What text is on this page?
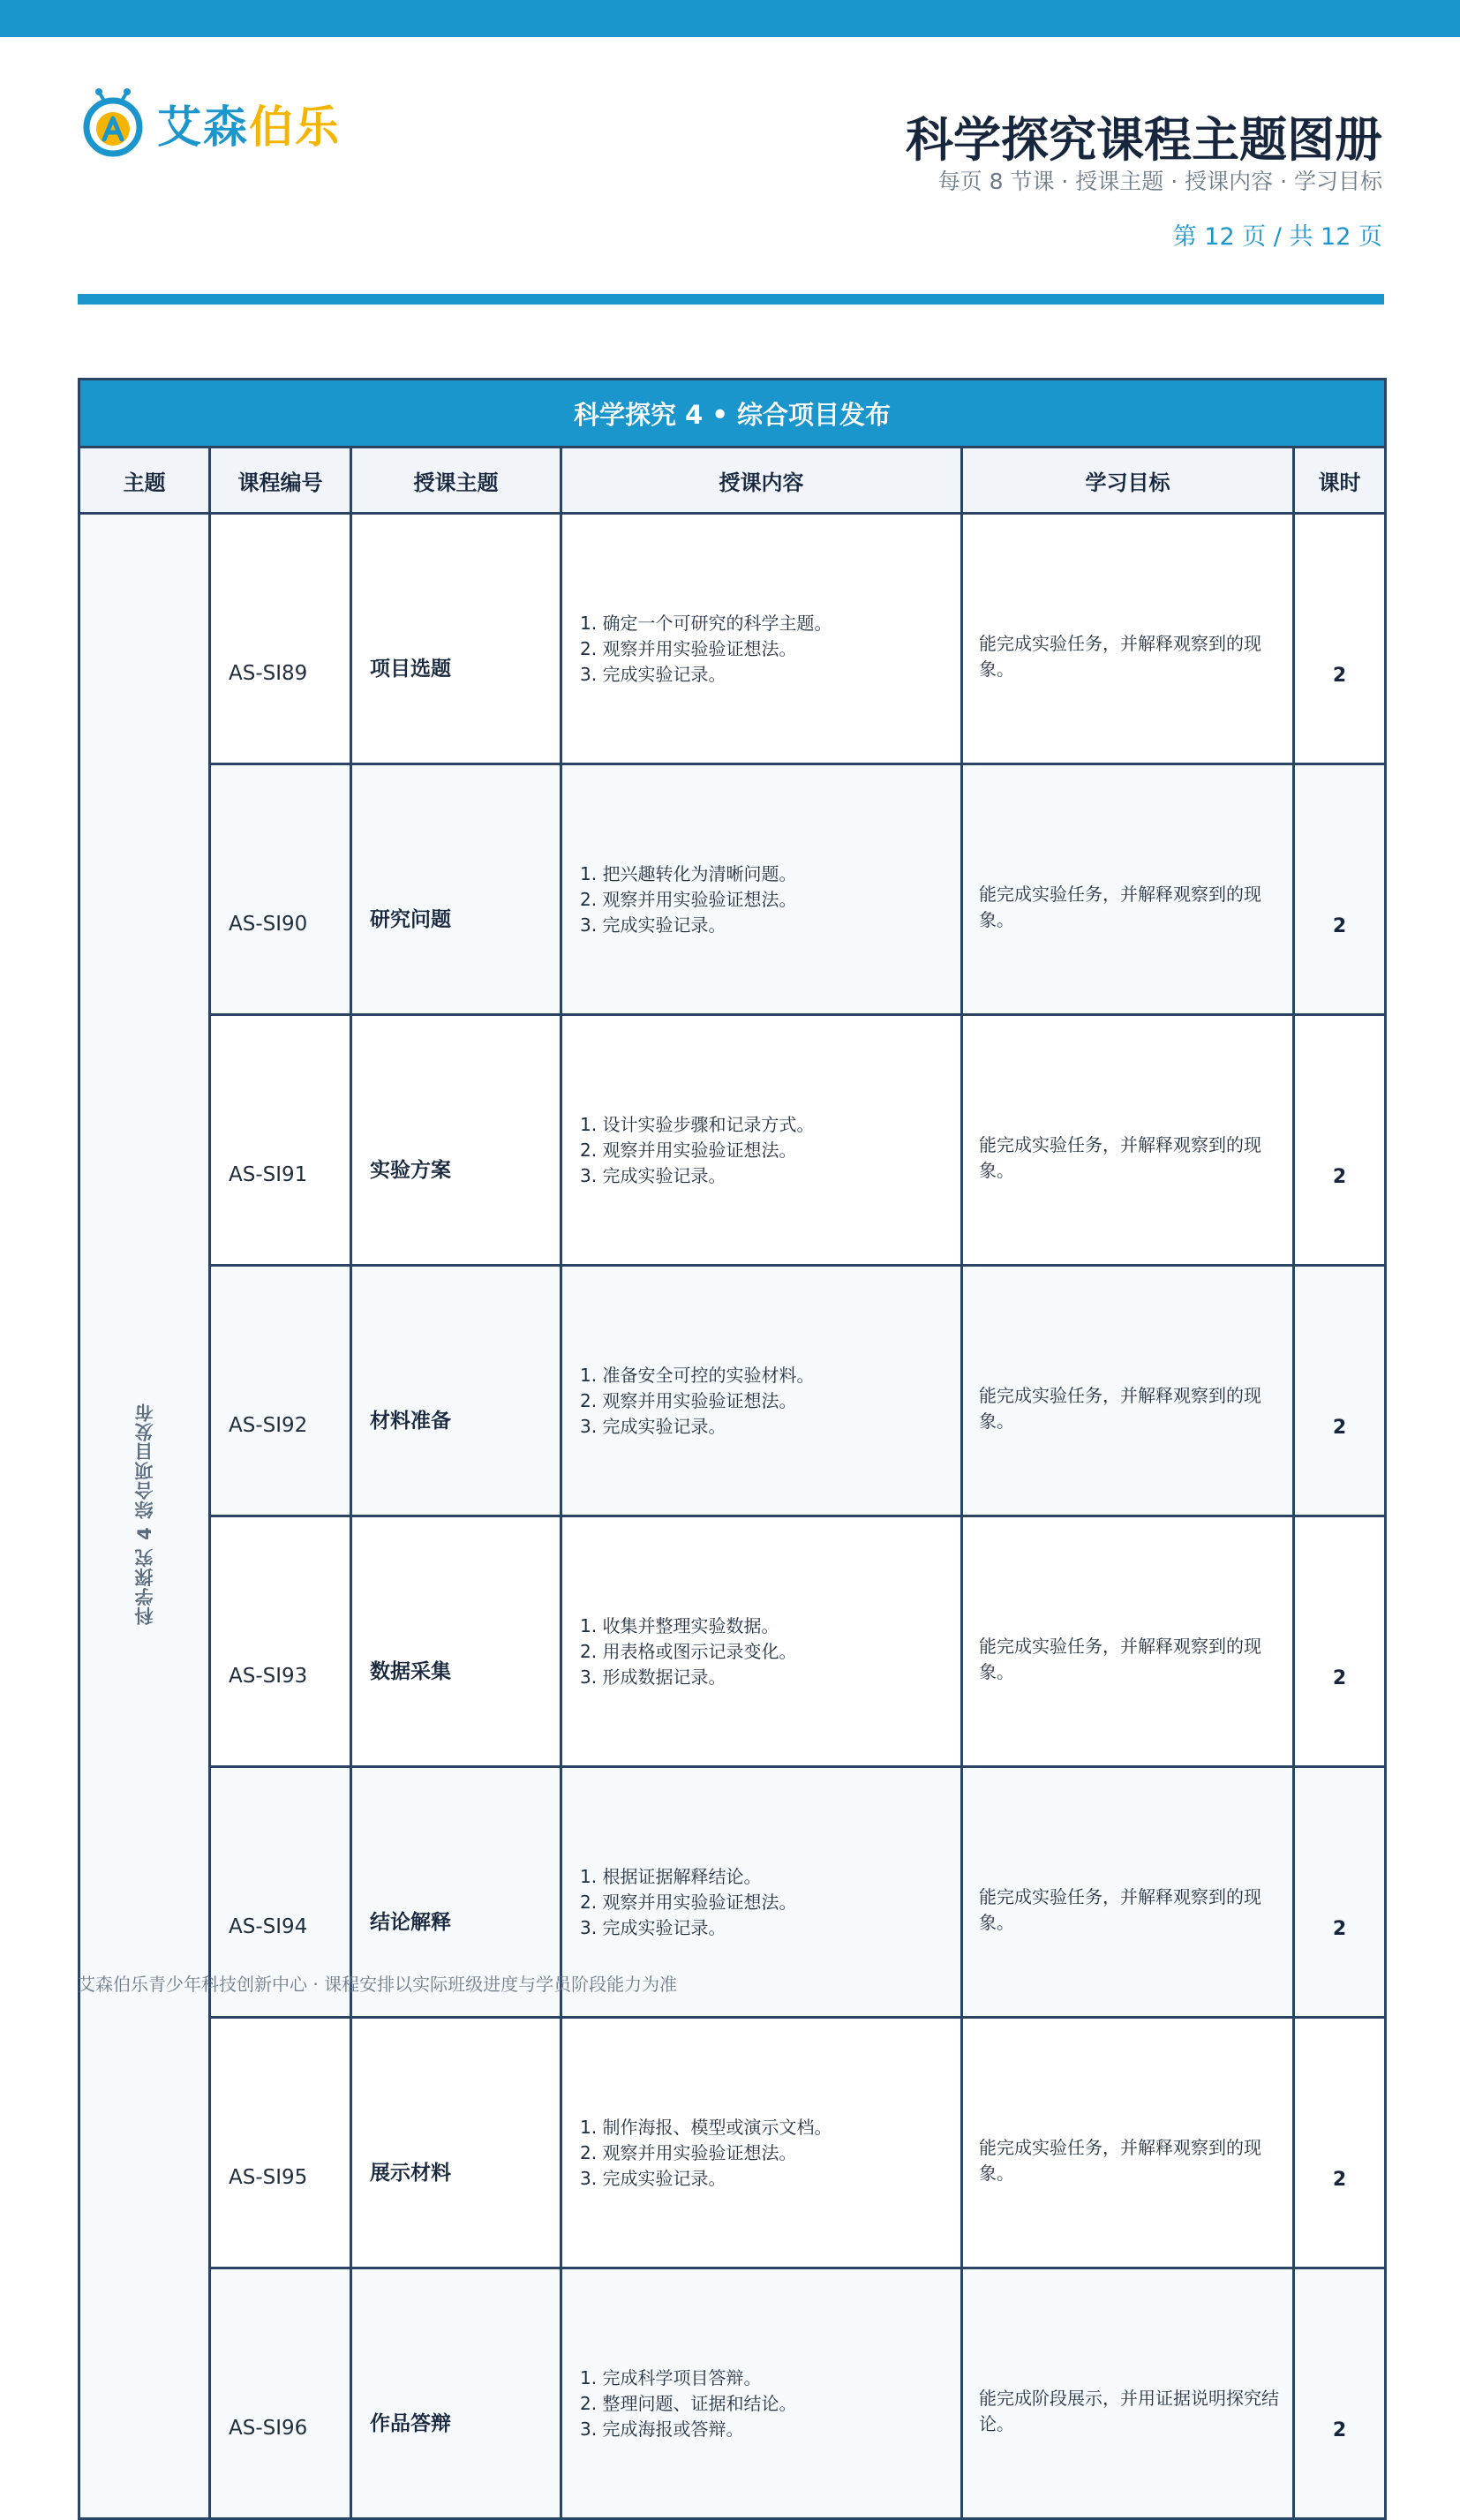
艾 森 伯 乐	科学探究课程主题图册
每页 8 节课 · 授课主题 · 授课内容 · 学习目标
第 12 页 / 共 12 页
科学探究 4 • 综合项目发布					
主题	课程编号	授课主题	授课内容	学习目标	课时
科学探究 4 综合项目发布	AS-SI89	项目选题	1. 确定一个可研究的科学主题。
2. 观察并用实验验证想法。
3. 完成实验记录。	能完成实验任务，并解释观察到的现象。	2
	AS-SI90	研究问题	1. 把兴趣转化为清晰问题。
2. 观察并用实验验证想法。
3. 完成实验记录。	能完成实验任务，并解释观察到的现象。	2
	AS-SI91	实验方案	1. 设计实验步骤和记录方式。
2. 观察并用实验验证想法。
3. 完成实验记录。	能完成实验任务，并解释观察到的现象。	2
	AS-SI92	材料准备	1. 准备安全可控的实验材料。
2. 观察并用实验验证想法。
3. 完成实验记录。	能完成实验任务，并解释观察到的现象。	2
	AS-SI93	数据采集	1. 收集并整理实验数据。
2. 用表格或图示记录变化。
3. 形成数据记录。	能完成实验任务，并解释观察到的现象。	2
	AS-SI94	结论解释	1. 根据证据解释结论。
2. 观察并用实验验证想法。
3. 完成实验记录。	能完成实验任务，并解释观察到的现象。	2
	AS-SI95	展示材料	1. 制作海报、模型或演示文档。
2. 观察并用实验验证想法。
3. 完成实验记录。	能完成实验任务，并解释观察到的现象。	2
	AS-SI96	作品答辩	1. 完成科学项目答辩。
2. 整理问题、证据和结论。
3. 完成海报或答辩。	能完成阶段展示，并用证据说明探究结论。	2
艾森伯乐青少年科技创新中心 · 课程安排以实际班级进度与学员阶段能力为准
